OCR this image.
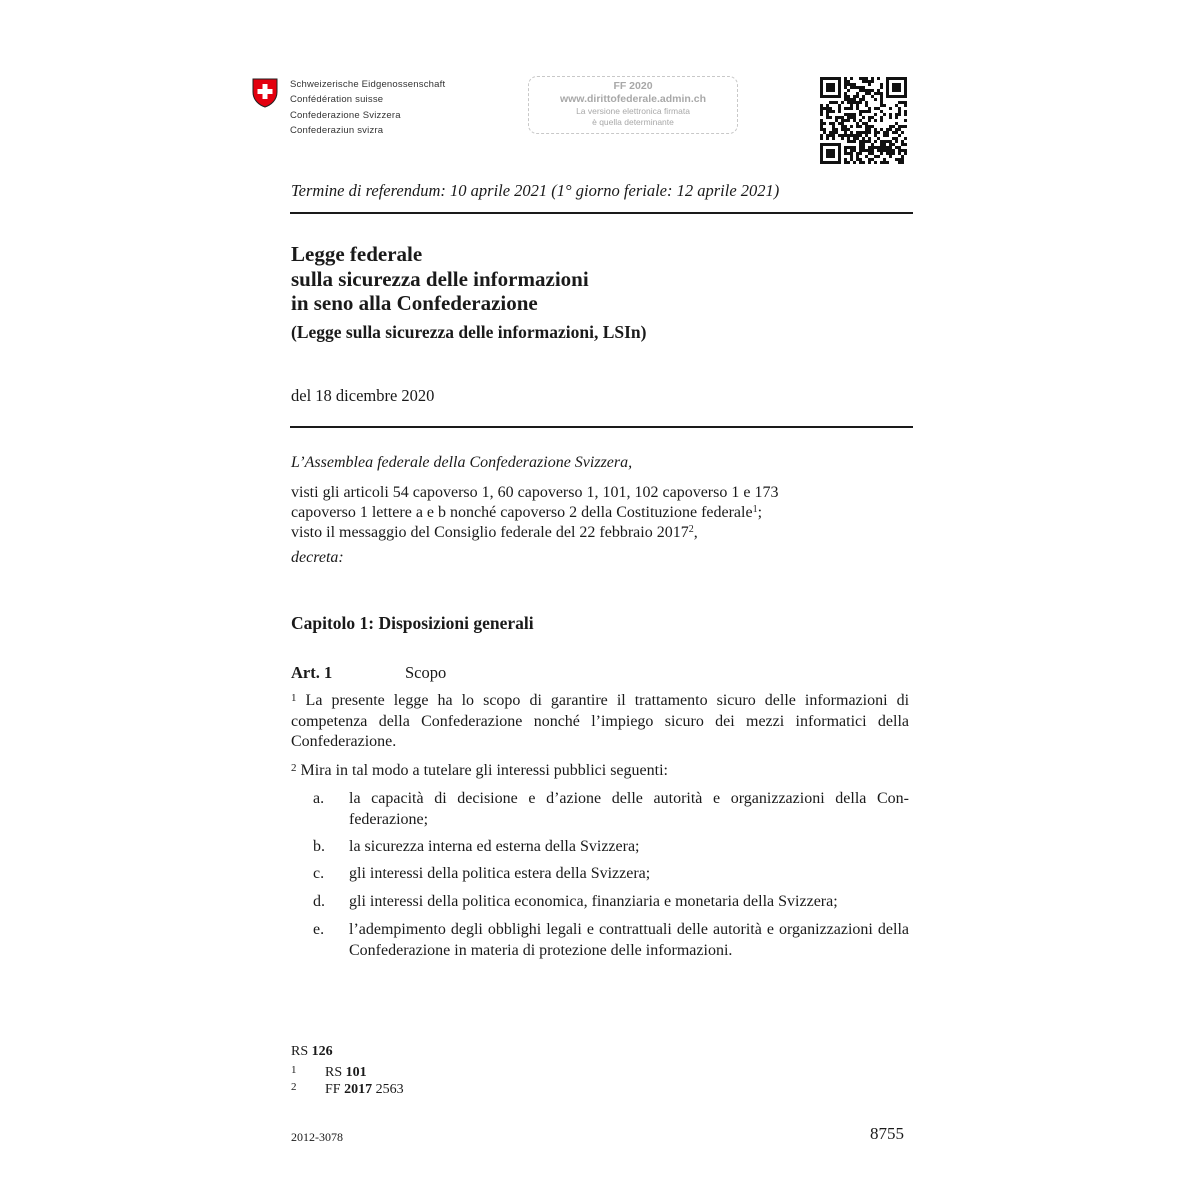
Schweizerische Eidgenossenschaft
Confédération suisse
Confederazione Svizzera
Confederaziun svizra
FF 2020
www.dirittofederale.admin.ch
La versione elettronica firmata
è quella determinante
Termine di referendum: 10 aprile 2021 (1° giorno feriale: 12 aprile 2021)
Legge federale
sulla sicurezza delle informazioni
in seno alla Confederazione
(Legge sulla sicurezza delle informazioni, LSIn)
del 18 dicembre 2020
L’Assemblea federale della Confederazione Svizzera,
visti gli articoli 54 capoverso 1, 60 capoverso 1, 101, 102 capoverso 1 e 173
capoverso 1 lettere a e b nonché capoverso 2 della Costituzione federale$^1$;
visto il messaggio del Consiglio federale del 22 febbraio 2017$^2$,
decreta:
Capitolo 1: Disposizioni generali
Art. 1	Scopo
$^1$ La presente legge ha lo scopo di garantire il trattamento sicuro delle informazioni di competenza della Confederazione nonché l’impiego sicuro dei mezzi informatici della Confederazione.
$^2$ Mira in tal modo a tutelare gli interessi pubblici seguenti:
a. la capacità di decisione e d’azione delle autorità e organizzazioni della Confederazione;
b. la sicurezza interna ed esterna della Svizzera;
c. gli interessi della politica estera della Svizzera;
d. gli interessi della politica economica, finanziaria e monetaria della Svizzera;
e. l’adempimento degli obblighi legali e contrattuali delle autorità e organizzazioni della Confederazione in materia di protezione delle informazioni.
RS 126
1 RS 101
2 FF 2017 2563
2012-3078	8755
